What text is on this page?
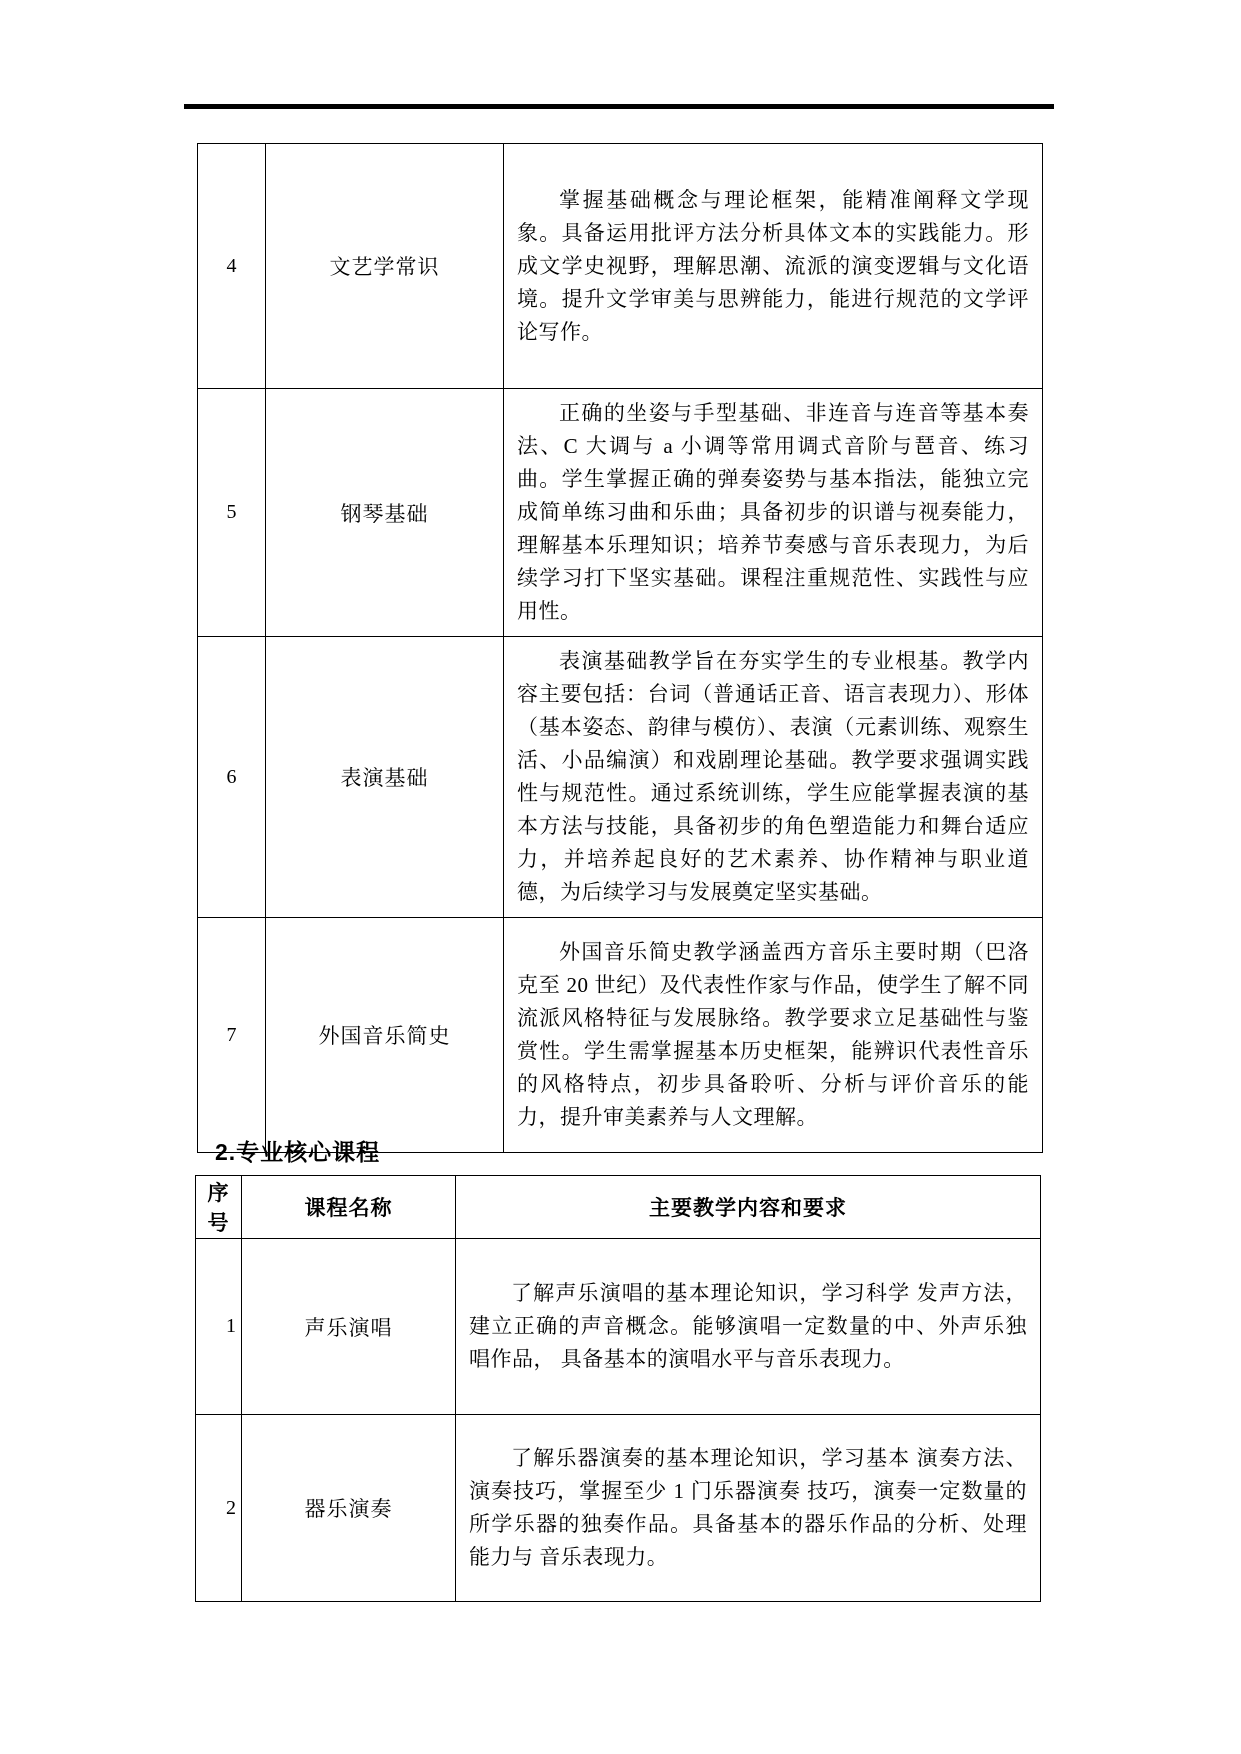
4	文艺学常识	掌握基础概念与理论框架，能精准阐释文学现象。具备运用批评方法分析具体文本的实践能力。形成文学史视野，理解思潮、流派的演变逻辑与文化语境。提升文学审美与思辨能力，能进行规范的文学评论写作。
5	钢琴基础	正确的坐姿与手型基础、非连音与连音等基本奏法、C 大调与 a 小调等常用调式音阶与琶音、练习曲。学生掌握正确的弹奏姿势与基本指法，能独立完成简单练习曲和乐曲；具备初步的识谱与视奏能力，理解基本乐理知识；培养节奏感与音乐表现力，为后续学习打下坚实基础。课程注重规范性、实践性与应用性。
6	表演基础	表演基础教学旨在夯实学生的专业根基。教学内容主要包括：台词（普通话正音、语言表现力）、形体（基本姿态、韵律与模仿）、表演（元素训练、观察生活、小品编演）和戏剧理论基础。教学要求强调实践性与规范性。通过系统训练，学生应能掌握表演的基本方法与技能，具备初步的角色塑造能力和舞台适应力，并培养起良好的艺术素养、协作精神与职业道德，为后续学习与发展奠定坚实基础。
7	外国音乐简史	外国音乐简史教学涵盖西方音乐主要时期（巴洛克至 20 世纪）及代表性作家与作品，使学生了解不同流派风格特征与发展脉络。教学要求立足基础性与鉴赏性。学生需掌握基本历史框架，能辨识代表性音乐的风格特点，初步具备聆听、分析与评价音乐的能力，提升审美素养与人文理解。
2.专业核心课程
序号	课程名称	主要教学内容和要求
1	声乐演唱	了解声乐演唱的基本理论知识，学习科学 发声方法，建立正确的声音概念。能够演唱一定数量的中、外声乐独唱作品， 具备基本的演唱水平与音乐表现力。
2	器乐演奏	了解乐器演奏的基本理论知识，学习基本 演奏方法、演奏技巧，掌握至少 1 门乐器演奏 技巧，演奏一定数量的所学乐器的独奏作品。具备基本的器乐作品的分析、处理能力与 音乐表现力。
